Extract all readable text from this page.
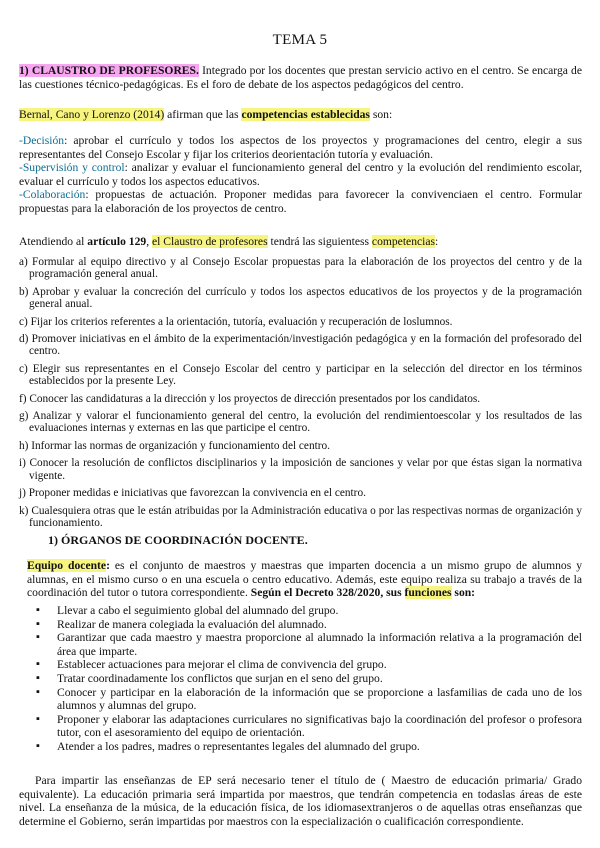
TEMA 5
1) CLAUSTRO DE PROFESORES. Integrado por los docentes que prestan servicio activo en el centro. Se encarga de las cuestiones técnico-pedagógicas. Es el foro de debate de los aspectos pedagógicos del centro.
Bernal, Cano y Lorenzo (2014) afirman que las competencias establecidas son:
-Decisión: aprobar el currículo y todos los aspectos de los proyectos y programaciones del centro, elegir a sus representantes del Consejo Escolar y fijar los criterios deorientación tutoría y evaluación.
-Supervisión y control: analizar y evaluar el funcionamiento general del centro y la evolución del rendimiento escolar, evaluar el currículo y todos los aspectos educativos.
-Colaboración: propuestas de actuación. Proponer medidas para favorecer la convivenciaen el centro. Formular propuestas para la elaboración de los proyectos de centro.
Atendiendo al artículo 129, el Claustro de profesores tendrá las siguientess competencias:
a) Formular al equipo directivo y al Consejo Escolar propuestas para la elaboración de los proyectos del centro y de la programación general anual.
b) Aprobar y evaluar la concreción del currículo y todos los aspectos educativos de los proyectos y de la programación general anual.
c) Fijar los criterios referentes a la orientación, tutoría, evaluación y recuperación de loslumnos.
d) Promover iniciativas en el ámbito de la experimentación/investigación pedagógica y en la formación del profesorado del centro.
c) Elegir sus representantes en el Consejo Escolar del centro y participar en la selección del director en los términos establecidos por la presente Ley.
f) Conocer las candidaturas a la dirección y los proyectos de dirección presentados por los candidatos.
g) Analizar y valorar el funcionamiento general del centro, la evolución del rendimientoescolar y los resultados de las evaluaciones internas y externas en las que participe el centro.
h) Informar las normas de organización y funcionamiento del centro.
i) Conocer la resolución de conflictos disciplinarios y la imposición de sanciones y velar por que éstas sigan la normativa vigente.
j) Proponer medidas e iniciativas que favorezcan la convivencia en el centro.
k) Cualesquiera otras que le están atribuidas por la Administración educativa o por las respectivas normas de organización y funcionamiento.
1) ÓRGANOS DE COORDINACIÓN DOCENTE.
Equipo docente: es el conjunto de maestros y maestras que imparten docencia a un mismo grupo de alumnos y alumnas, en el mismo curso o en una escuela o centro educativo. Además, este equipo realiza su trabajo a través de la coordinación del tutor o tutora correspondiente. Según el Decreto 328/2020, sus funciones son:
▪ Llevar a cabo el seguimiento global del alumnado del grupo.
▪ Realizar de manera colegiada la evaluación del alumnado.
▪ Garantizar que cada maestro y maestra proporcione al alumnado la información relativa a la programación del área que imparte.
▪ Establecer actuaciones para mejorar el clima de convivencia del grupo.
▪ Tratar coordinadamente los conflictos que surjan en el seno del grupo.
▪ Conocer y participar en la elaboración de la información que se proporcione a lasfamilias de cada uno de los alumnos y alumnas del grupo.
▪ Proponer y elaborar las adaptaciones curriculares no significativas bajo la coordinación del profesor o profesora tutor, con el asesoramiento del equipo de orientación.
▪ Atender a los padres, madres o representantes legales del alumnado del grupo.
Para impartir las enseñanzas de EP será necesario tener el título de ( Maestro de educación primaria/ Grado equivalente). La educación primaria será impartida por maestros, que tendrán competencia en todaslas áreas de este nivel. La enseñanza de la música, de la educación física, de los idiomasextranjeros o de aquellas otras enseñanzas que determine el Gobierno, serán impartidas por maestros con la especialización o cualificación correspondiente.
